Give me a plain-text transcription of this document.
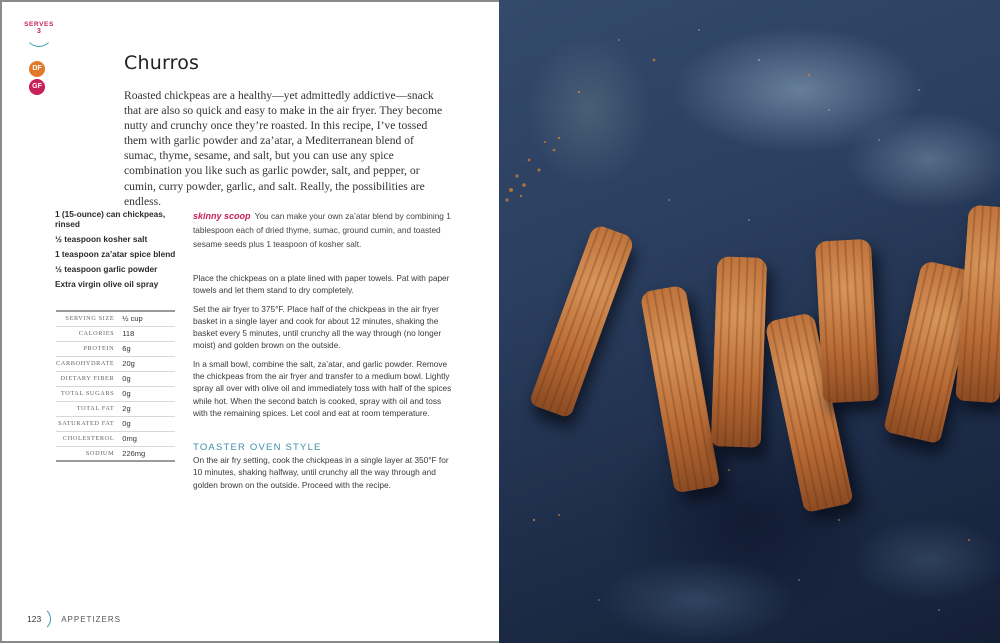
SERVES
3
DF
GF
Churros

Roasted chickpeas are a healthy—yet admittedly addictive—snack that are also so quick and easy to make in the air fryer. They become nutty and crunchy once they’re roasted. In this recipe, I’ve tossed them with garlic powder and za’atar, a Mediterranean blend of sumac, thyme, sesame, and salt, but you can use any spice combination you like such as garlic powder, salt, and pepper, or cumin, curry powder, garlic, and salt. Really, the possibilities are endless.

1 (15-ounce) can chickpeas, rinsed
½ teaspoon kosher salt
1 teaspoon za’atar spice blend
½ teaspoon garlic powder
Extra virgin olive oil spray
SERVING SIZE	½ cup
CALORIES	118
PROTEIN	6g
CARBOHYDRATE	20g
DIETARY FIBER	0g
TOTAL SUGARS	0g
TOTAL FAT	2g
SATURATED FAT	0g
CHOLESTEROL	0mg
SODIUM	226mg

skinny scoop You can make your own za’atar blend by combining 1 tablespoon each of dried thyme, sumac, ground cumin, and toasted sesame seeds plus 1 teaspoon of kosher salt.

Place the chickpeas on a plate lined with paper towels. Pat with paper towels and let them stand to dry completely.

Set the air fryer to 375°F. Place half of the chickpeas in the air fryer basket in a single layer and cook for about 12 minutes, shaking the basket every 5 minutes, until crunchy all the way through (no longer moist) and golden brown on the outside.

In a small bowl, combine the salt, za’atar, and garlic powder. Remove the chickpeas from the air fryer and transfer to a medium bowl. Lightly spray all over with olive oil and immediately toss with half of the spices while hot. When the second batch is cooked, spray with oil and toss with the remaining spices. Let cool and eat at room temperature.

TOASTER OVEN STYLE

On the air fry setting, cook the chickpeas in a single layer at 350°F for 10 minutes, shaking halfway, until crunchy all the way through and golden brown on the outside. Proceed with the recipe.

123	APPETIZERS
